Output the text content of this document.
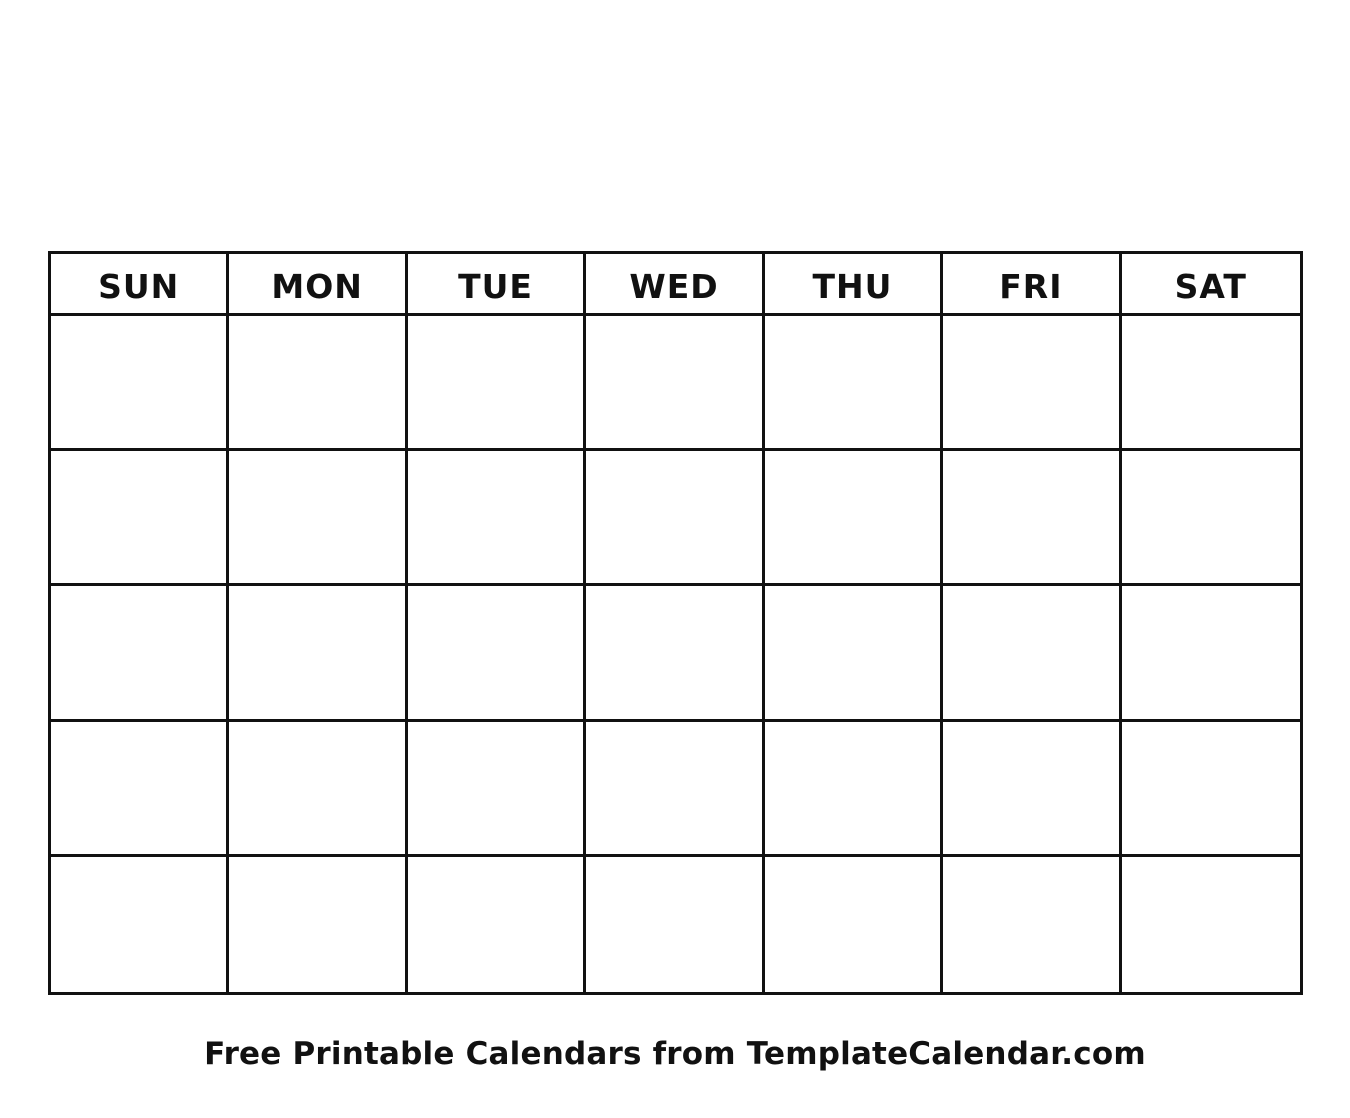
SUN	MON	TUE	WED	THU	FRI	SAT
Free Printable Calendars from TemplateCalendar.com
